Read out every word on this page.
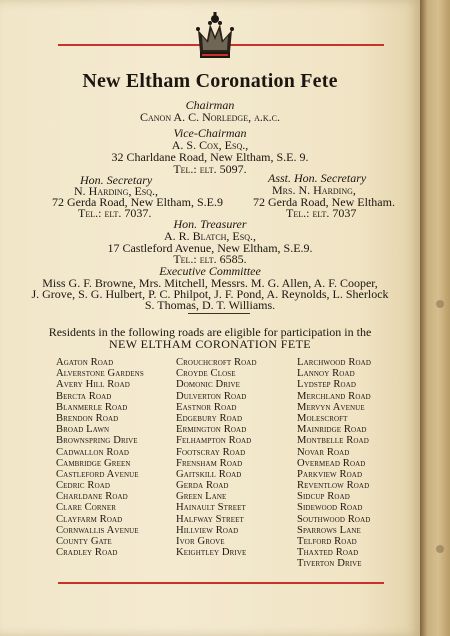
New Eltham Coronation Fete
Chairman
Canon A. C. Norledge, a.k.c.
Vice-Chairman
A. S. Cox, Esq.,
32 Charldane Road, New Eltham, S.E. 9.
Tel.: elt. 5097.
Hon. Secretary
N. Harding, Esq.,
72 Gerda Road, New Eltham, S.E.9
Tel.: elt. 7037.
Asst. Hon. Secretary
Mrs. N. Harding,
72 Gerda Road, New Eltham.
Tel.: elt. 7037
Hon. Treasurer
A. R. Blatch, Esq.,
17 Castleford Avenue, New Eltham, S.E.9.
Tel.: elt. 6585.
Executive Committee
Miss G. F. Browne, Mrs. Mitchell, Messrs. M. G. Allen, A. F. Cooper,
J. Grove, S. G. Hulbert, P. C. Philpot, J. F. Pond, A. Reynolds, L. Sherlock
S. Thomas, D. T. Williams.
Residents in the following roads are eligible for participation in the
NEW ELTHAM CORONATION FETE
Agaton Road
Alverstone Gardens
Avery Hill Road
Bercta Road
Blanmerle Road
Brendon Road
Broad Lawn
Brownspring Drive
Cadwallon Road
Cambridge Green
Castleford Avenue
Cedric Road
Charldane Road
Clare Corner
Clayfarm Road
Cornwallis Avenue
County Gate
Cradley Road
Crouchcroft Road
Croyde Close
Domonic Drive
Dulverton Road
Eastnor Road
Edgebury Road
Ermington Road
Felhampton Road
Footscray Road
Frensham Road
Gaitskill Road
Gerda Road
Green Lane
Hainault Street
Halfway Street
Hillview Road
Ivor Grove
Keightley Drive
Larchwood Road
Lannoy Road
Lydstep Road
Merchland Road
Mervyn Avenue
Molescroft
Mainridge Road
Montbelle Road
Novar Road
Overmead Road
Parkview Road
Reventlow Road
Sidcup Road
Sidewood Road
Southwood Road
Sparrows Lane
Telford Road
Thaxted Road
Tiverton Drive
